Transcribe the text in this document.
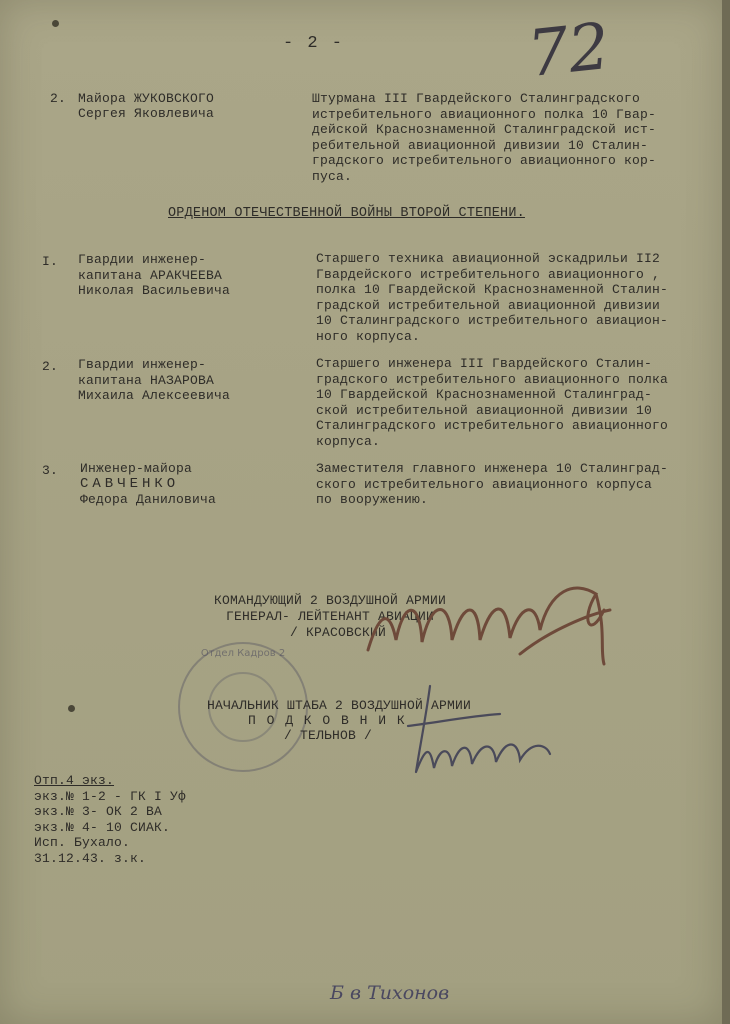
- 2 -	72
2. Майора ЖУКОВСКОГО
Сергея Яковлевича
Штурмана III Гвардейского Сталинградского
истребительного авиационного полка 10 Гвар-
дейской Краснознаменной Сталинградской ист-
ребительной авиационной дивизии 10 Сталин-
градского истребительного авиационного кор-
пуса.
ОРДЕНОМ ОТЕЧЕСТВЕННОЙ ВОЙНЫ ВТОРОЙ СТЕПЕНИ.
I. Гвардии инженер-
капитана АРАКЧЕЕВА
Николая Васильевича
Старшего техника авиационной эскадрильи II2
Гвардейского истребительного авиационного ,
полка 10 Гвардейской Краснознаменной Сталин-
градской истребительной авиационной дивизии
10 Сталинградского истребительного авиацион-
ного корпуса.
2. Гвардии инженер-
капитана НАЗАРОВА
Михаила Алексеевича
Старшего инженера III Гвардейского Сталин-
градского истребительного авиационного полка
10 Гвардейской Краснознаменной Сталинград-
ской истребительной авиационной дивизии 10
Сталинградского истребительного авиационного
корпуса.
3. Инженер-майора
САВЧЕНКО
Федора Даниловича
Заместителя главного инженера 10 Сталинград-
ского истребительного авиационного корпуса
по вооружению.
КОМАНДУЮЩИЙ 2 ВОЗДУШНОЙ АРМИИ
ГЕНЕРАЛ- ЛЕЙТЕНАНТ АВИАЦИИ
/ КРАСОВСКИЙ /
Отдел Кадров 2
НАЧАЛЬНИК ШТАБА 2 ВОЗДУШНОЙ АРМИИ
П О Д К О В Н И К
/ ТЕЛЬНОВ /
Отп.4 экз.
экз.№ 1-2 - ГК I Уф
экз.№ 3- ОК 2 ВА
экз.№ 4- 10 СИАК.
Исп. Бухало.
31.12.43. з.к.
Б в Тихонов
